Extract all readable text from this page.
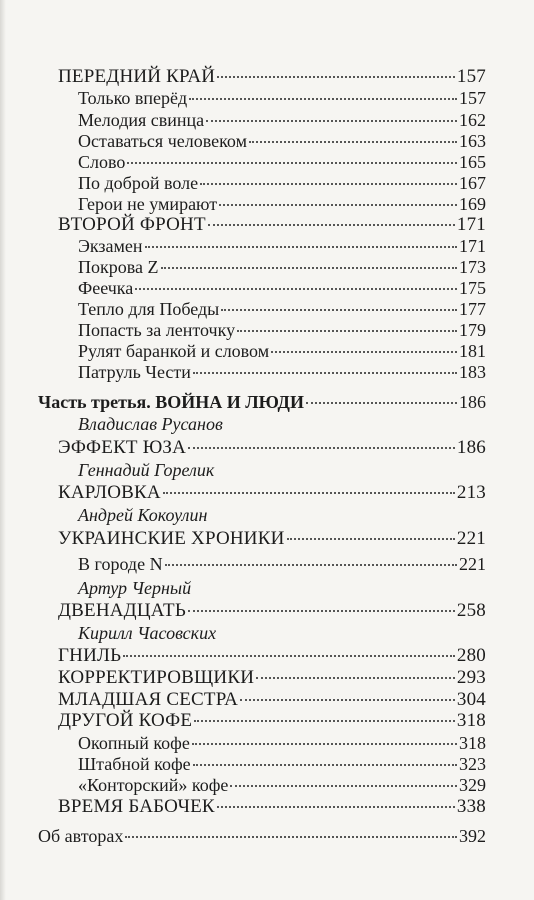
ПЕРЕДНИЙ КРАЙ	157
Только вперёд	157
Мелодия свинца	162
Оставаться человеком	163
Слово	165
По доброй воле	167
Герои не умирают	169
ВТОРОЙ ФРОНТ	171
Экзамен	171
Покрова Z	173
Феечка	175
Тепло для Победы	177
Попасть за ленточку	179
Рулят баранкой и словом	181
Патруль Чести	183
Часть третья. ВОЙНА И ЛЮДИ	186
Владислав Русанов
ЭФФЕКТ ЮЗА	186
Геннадий Горелик
КАРЛОВКА	213
Андрей Кокоулин
УКРАИНСКИЕ ХРОНИКИ	221
В городе N	221
Артур Черный
ДВЕНАДЦАТЬ	258
Кирилл Часовских
ГНИЛЬ	280
КОРРЕКТИРОВЩИКИ	293
МЛАДШАЯ СЕСТРА	304
ДРУГОЙ КОФЕ	318
Окопный кофе	318
Штабной кофе	323
«Конторский» кофе	329
ВРЕМЯ БАБОЧЕК	338
Об авторах	392
